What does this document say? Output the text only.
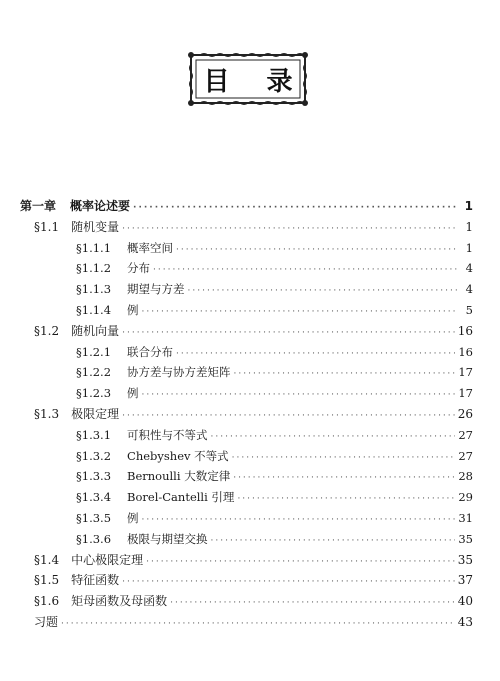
目 录
第一章 概率论述要 ·····	1
§1.1 随机变量 ·····	1
§1.1.1 概率空间 ·····	1
§1.1.2 分布 ·····	4
§1.1.3 期望与方差 ·····	4
§1.1.4 例 ·····	5
§1.2 随机向量 ·····	16
§1.2.1 联合分布 ·····	16
§1.2.2 协方差与协方差矩阵 ·····	17
§1.2.3 例 ·····	17
§1.3 极限定理 ·····	26
§1.3.1 可积性与不等式 ·····	27
§1.3.2 Chebyshev 不等式 ·····	27
§1.3.3 Bernoulli 大数定律 ·····	28
§1.3.4 Borel-Cantelli 引理 ·····	29
§1.3.5 例 ·····	31
§1.3.6 极限与期望交换 ·····	35
§1.4 中心极限定理 ·····	35
§1.5 特征函数 ·····	37
§1.6 矩母函数及母函数 ·····	40
习题 ·····	43
